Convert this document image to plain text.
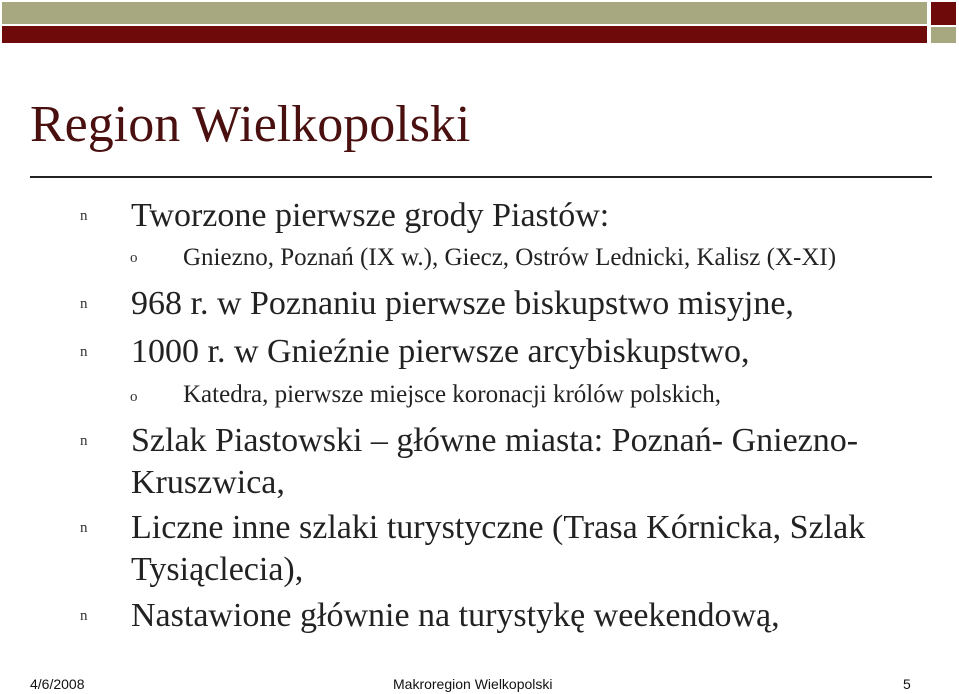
Region Wielkopolski
n Tworzone pierwsze grody Piastów:
o Gniezno, Poznań (IX w.), Giecz, Ostrów Lednicki, Kalisz (X-XI)
n 968 r. w Poznaniu pierwsze biskupstwo misyjne,
n 1000 r. w Gnieźnie pierwsze arcybiskupstwo,
o Katedra, pierwsze miejsce koronacji królów polskich,
n Szlak Piastowski – główne miasta: Poznań- Gniezno-
Kruszwica,
n Liczne inne szlaki turystyczne (Trasa Kórnicka, Szlak
Tysiąclecia),
n Nastawione głównie na turystykę weekendową,
4/6/2008	Makroregion Wielkopolski	5
